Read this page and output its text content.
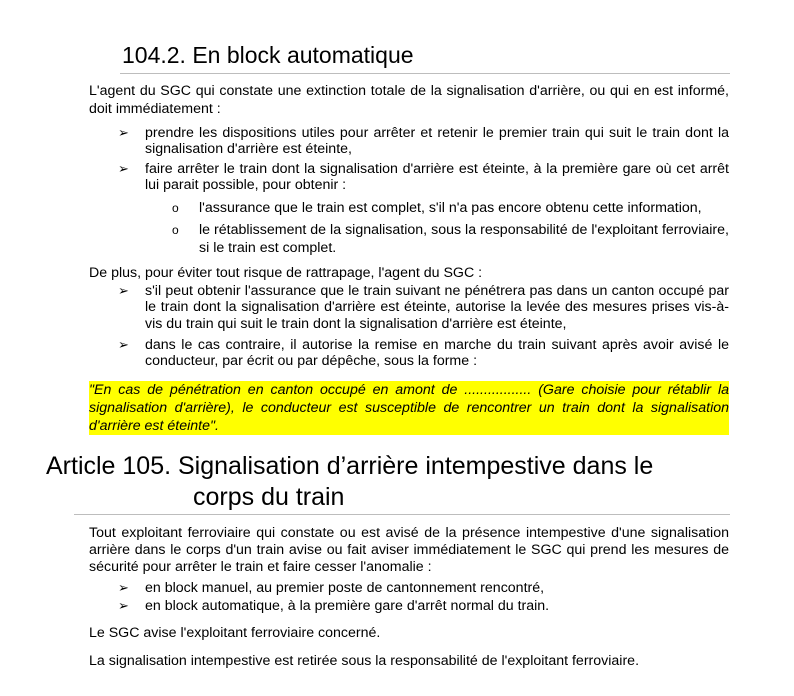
104.2. En block automatique
L'agent du SGC qui constate une extinction totale de la signalisation d'arrière, ou qui en est informé, doit immédiatement :
➢ prendre les dispositions utiles pour arrêter et retenir le premier train qui suit le train dont la signalisation d'arrière est éteinte,
➢ faire arrêter le train dont la signalisation d'arrière est éteinte, à la première gare où cet arrêt lui parait possible, pour obtenir :
o l'assurance que le train est complet, s'il n'a pas encore obtenu cette information,
o le rétablissement de la signalisation, sous la responsabilité de l'exploitant ferroviaire, si le train est complet.
De plus, pour éviter tout risque de rattrapage, l'agent du SGC :
➢ s'il peut obtenir l'assurance que le train suivant ne pénétrera pas dans un canton occupé par le train dont la signalisation d'arrière est éteinte, autorise la levée des mesures prises vis-à-vis du train qui suit le train dont la signalisation d'arrière est éteinte,
➢ dans le cas contraire, il autorise la remise en marche du train suivant après avoir avisé le conducteur, par écrit ou par dépêche, sous la forme :
"En cas de pénétration en canton occupé en amont de ................. (Gare choisie pour rétablir la signalisation d'arrière), le conducteur est susceptible de rencontrer un train dont la signalisation d'arrière est éteinte".
Article 105. Signalisation d’arrière intempestive dans le
corps du train
Tout exploitant ferroviaire qui constate ou est avisé de la présence intempestive d'une signalisation arrière dans le corps d'un train avise ou fait aviser immédiatement le SGC qui prend les mesures de sécurité pour arrêter le train et faire cesser l'anomalie :
➢ en block manuel, au premier poste de cantonnement rencontré,
➢ en block automatique, à la première gare d'arrêt normal du train.
Le SGC avise l'exploitant ferroviaire concerné.
La signalisation intempestive est retirée sous la responsabilité de l'exploitant ferroviaire.
